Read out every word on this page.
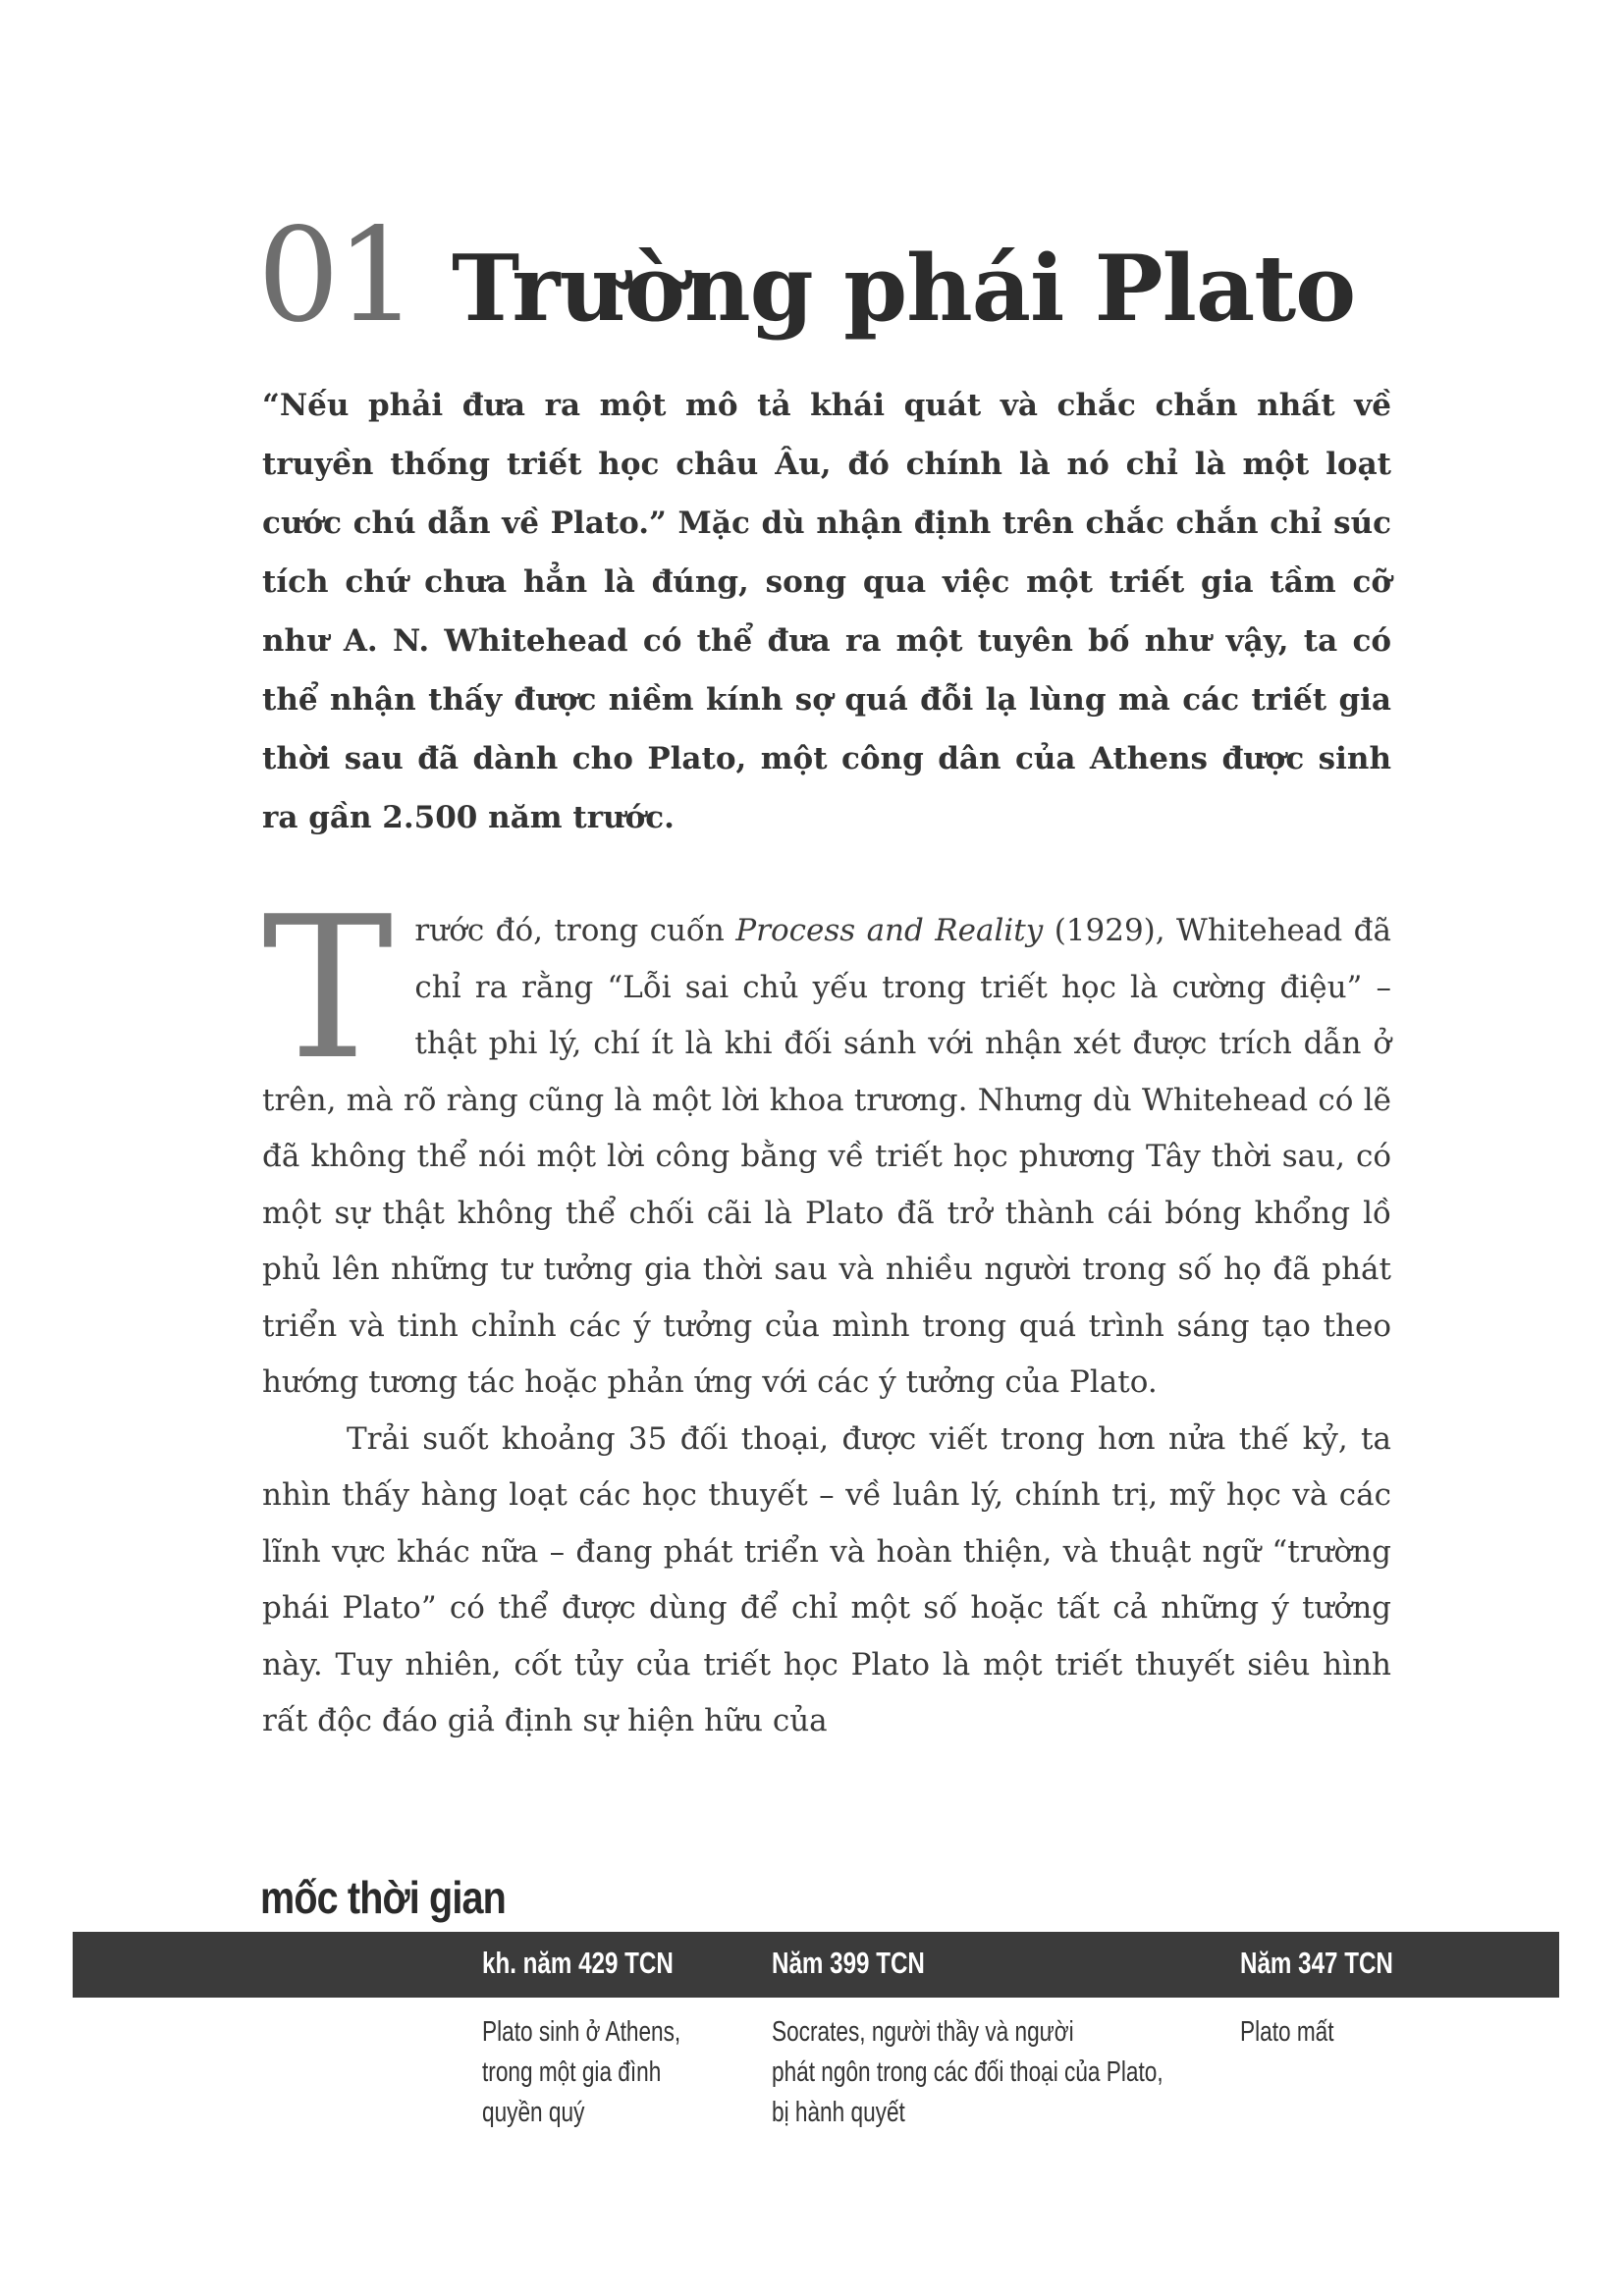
01 Trường phái Plato

“Nếu phải đưa ra một mô tả khái quát và chắc chắn nhất về truyền thống triết học châu Âu, đó chính là nó chỉ là một loạt cước chú dẫn về Plato.” Mặc dù nhận định trên chắc chắn chỉ súc tích chứ chưa hẳn là đúng, song qua việc một triết gia tầm cỡ như A. N. Whitehead có thể đưa ra một tuyên bố như vậy, ta có thể nhận thấy được niềm kính sợ quá đỗi lạ lùng mà các triết gia thời sau đã dành cho Plato, một công dân của Athens được sinh ra gần 2.500 năm trước.

Trước đó, trong cuốn Process and Reality (1929), Whitehead đã chỉ ra rằng “Lỗi sai chủ yếu trong triết học là cường điệu” – thật phi lý, chí ít là khi đối sánh với nhận xét được trích dẫn ở trên, mà rõ ràng cũng là một lời khoa trương. Nhưng dù Whitehead có lẽ đã không thể nói một lời công bằng về triết học phương Tây thời sau, có một sự thật không thể chối cãi là Plato đã trở thành cái bóng khổng lồ phủ lên những tư tưởng gia thời sau và nhiều người trong số họ đã phát triển và tinh chỉnh các ý tưởng của mình trong quá trình sáng tạo theo hướng tương tác hoặc phản ứng với các ý tưởng của Plato.

Trải suốt khoảng 35 đối thoại, được viết trong hơn nửa thế kỷ, ta nhìn thấy hàng loạt các học thuyết – về luân lý, chính trị, mỹ học và các lĩnh vực khác nữa – đang phát triển và hoàn thiện, và thuật ngữ “trường phái Plato” có thể được dùng để chỉ một số hoặc tất cả những ý tưởng này. Tuy nhiên, cốt tủy của triết học Plato là một triết thuyết siêu hình rất độc đáo giả định sự hiện hữu của

mốc thời gian
kh. năm 429 TCN	Năm 399 TCN	Năm 347 TCN
Plato sinh ở Athens,
trong một gia đình
quyền quý
Socrates, người thầy và người
phát ngôn trong các đối thoại của Plato,
bị hành quyết
Plato mất
